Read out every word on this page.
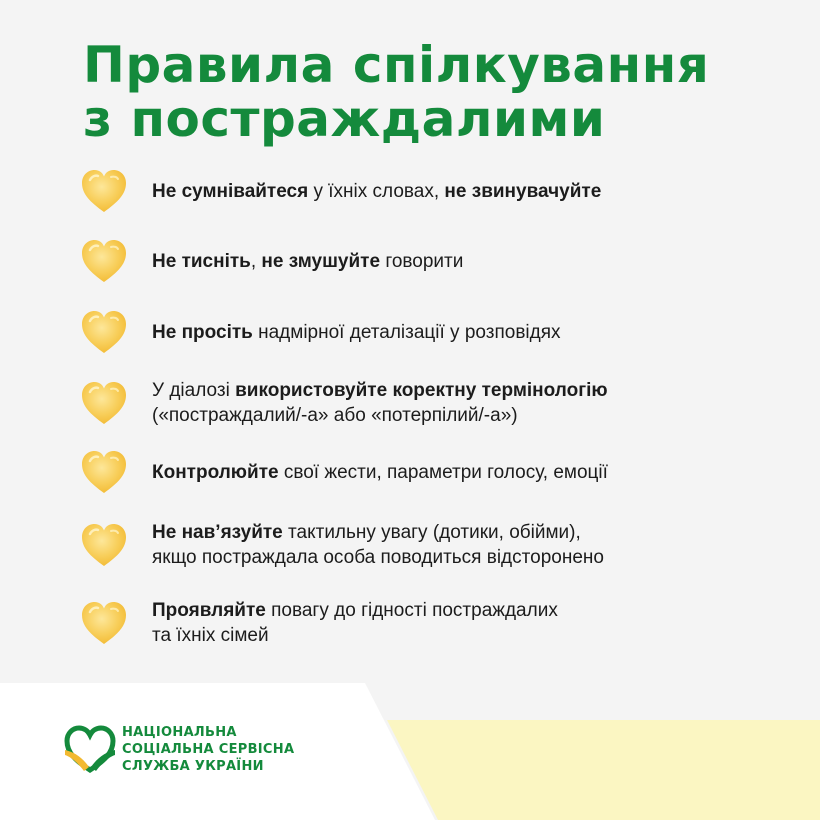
Правила спілкування
з постраждалими
Не сумнівайтеся у їхніх словах, не звинувачуйте
Не тисніть, не змушуйте говорити
Не просіть надмірної деталізації у розповідях
У діалозі використовуйте коректну термінологію
(«постраждалий/-а» або «потерпілий/-а»)
Контролюйте свої жести, параметри голосу, емоції
Не нав’язуйте тактильну увагу (дотики, обійми),
якщо постраждала особа поводиться відсторонено
Проявляйте повагу до гідності постраждалих
та їхніх сімей
НАЦІОНАЛЬНА
СОЦІАЛЬНА СЕРВІСНА
СЛУЖБА УКРАЇНИ
